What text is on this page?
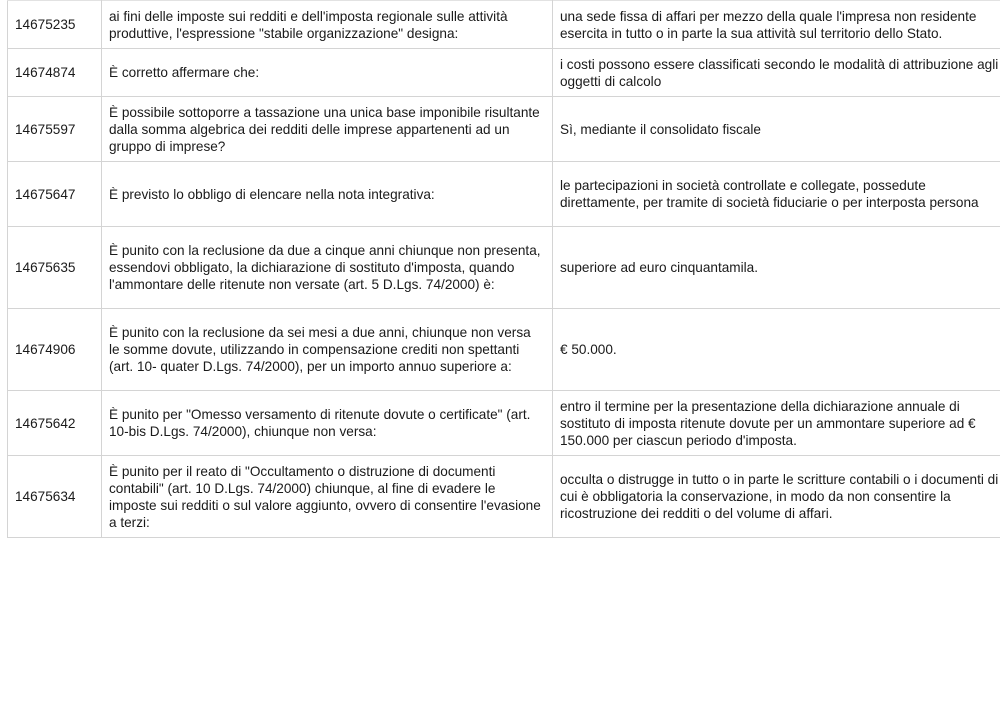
14675235	ai fini delle imposte sui redditi e dell'imposta regionale sulle attività produttive, l'espressione "stabile organizzazione" designa:	una sede fissa di affari per mezzo della quale l'impresa non residente esercita in tutto o in parte la sua attività sul territorio dello Stato.
14674874	È corretto affermare che:	i costi possono essere classificati secondo le modalità di attribuzione agli oggetti di calcolo
14675597	È possibile sottoporre a tassazione una unica base imponibile risultante dalla somma algebrica dei redditi delle imprese appartenenti ad un gruppo di imprese?	Sì, mediante il consolidato fiscale
14675647	È previsto lo obbligo di elencare nella nota integrativa:	le partecipazioni in società controllate e collegate, possedute direttamente, per tramite di società fiduciarie o per interposta persona
14675635	È punito con la reclusione da due a cinque anni chiunque non presenta, essendovi obbligato, la dichiarazione di sostituto d'imposta, quando l'ammontare delle ritenute non versate (art. 5 D.Lgs. 74/2000) è:	superiore ad euro cinquantamila.
14674906	È punito con la reclusione da sei mesi a due anni, chiunque non versa le somme dovute, utilizzando in compensazione crediti non spettanti (art. 10- quater D.Lgs. 74/2000), per un importo annuo superiore a:	€ 50.000.
14675642	È punito per "Omesso versamento di ritenute dovute o certificate" (art. 10-bis D.Lgs. 74/2000), chiunque non versa:	entro il termine per la presentazione della dichiarazione annuale di sostituto di imposta ritenute dovute per un ammontare superiore ad € 150.000 per ciascun periodo d'imposta.
14675634	È punito per il reato di "Occultamento o distruzione di documenti contabili" (art. 10 D.Lgs. 74/2000) chiunque, al fine di evadere le imposte sui redditi o sul valore aggiunto, ovvero di consentire l'evasione a terzi:	occulta o distrugge in tutto o in parte le scritture contabili o i documenti di cui è obbligatoria la conservazione, in modo da non consentire la ricostruzione dei redditi o del volume di affari.
